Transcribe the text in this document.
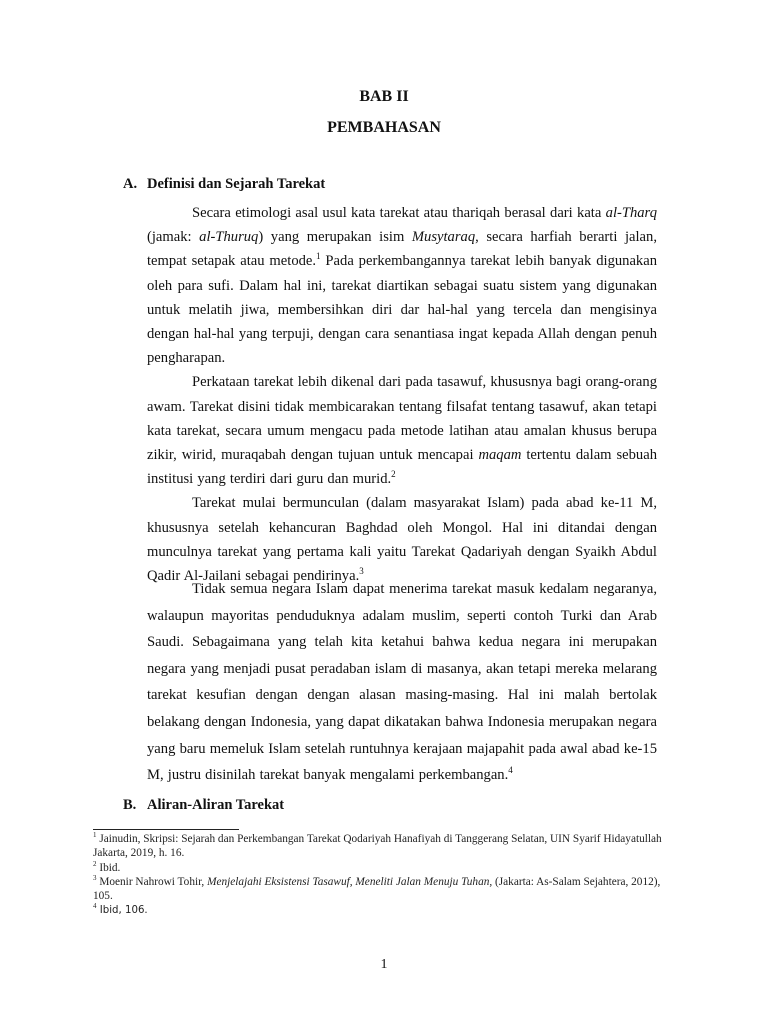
BAB II
PEMBAHASAN
A. Definisi dan Sejarah Tarekat

Secara etimologi asal usul kata tarekat atau thariqah berasal dari kata al-Tharq (jamak: al-Thuruq) yang merupakan isim Musytaraq, secara harfiah berarti jalan, tempat setapak atau metode.$^1$ Pada perkembangannya tarekat lebih banyak digunakan oleh para sufi. Dalam hal ini, tarekat diartikan sebagai suatu sistem yang digunakan untuk melatih jiwa, membersihkan diri dar hal-hal yang tercela dan mengisinya dengan hal-hal yang terpuji, dengan cara senantiasa ingat kepada Allah dengan penuh pengharapan.

Perkataan tarekat lebih dikenal dari pada tasawuf, khususnya bagi orang-orang awam. Tarekat disini tidak membicarakan tentang filsafat tentang tasawuf, akan tetapi kata tarekat, secara umum mengacu pada metode latihan atau amalan khusus berupa zikir, wirid, muraqabah dengan tujuan untuk mencapai maqam tertentu dalam sebuah institusi yang terdiri dari guru dan murid.$^2$

Tarekat mulai bermunculan (dalam masyarakat Islam) pada abad ke-11 M, khususnya setelah kehancuran Baghdad oleh Mongol. Hal ini ditandai dengan munculnya tarekat yang pertama kali yaitu Tarekat Qadariyah dengan Syaikh Abdul Qadir Al-Jailani sebagai pendirinya.$^3$

Tidak semua negara Islam dapat menerima tarekat masuk kedalam negaranya, walaupun mayoritas penduduknya adalam muslim, seperti contoh Turki dan Arab Saudi. Sebagaimana yang telah kita ketahui bahwa kedua negara ini merupakan negara yang menjadi pusat peradaban islam di masanya, akan tetapi mereka melarang tarekat kesufian dengan dengan alasan masing-masing. Hal ini malah bertolak belakang dengan Indonesia, yang dapat dikatakan bahwa Indonesia merupakan negara yang baru memeluk Islam setelah runtuhnya kerajaan majapahit pada awal abad ke-15 M, justru disinilah tarekat banyak mengalami perkembangan.$^4$

B. Aliran-Aliran Tarekat

$^1$ Jainudin, Skripsi: Sejarah dan Perkembangan Tarekat Qodariyah Hanafiyah di Tanggerang Selatan, UIN Syarif Hidayatullah Jakarta, 2019, h. 16.

$^2$ Ibid.

$^3$ Moenir Nahrowi Tohir, Menjelajahi Eksistensi Tasawuf, Meneliti Jalan Menuju Tuhan, (Jakarta: As-Salam Sejahtera, 2012), 105.

$^4$ Ibid, 106.

1
